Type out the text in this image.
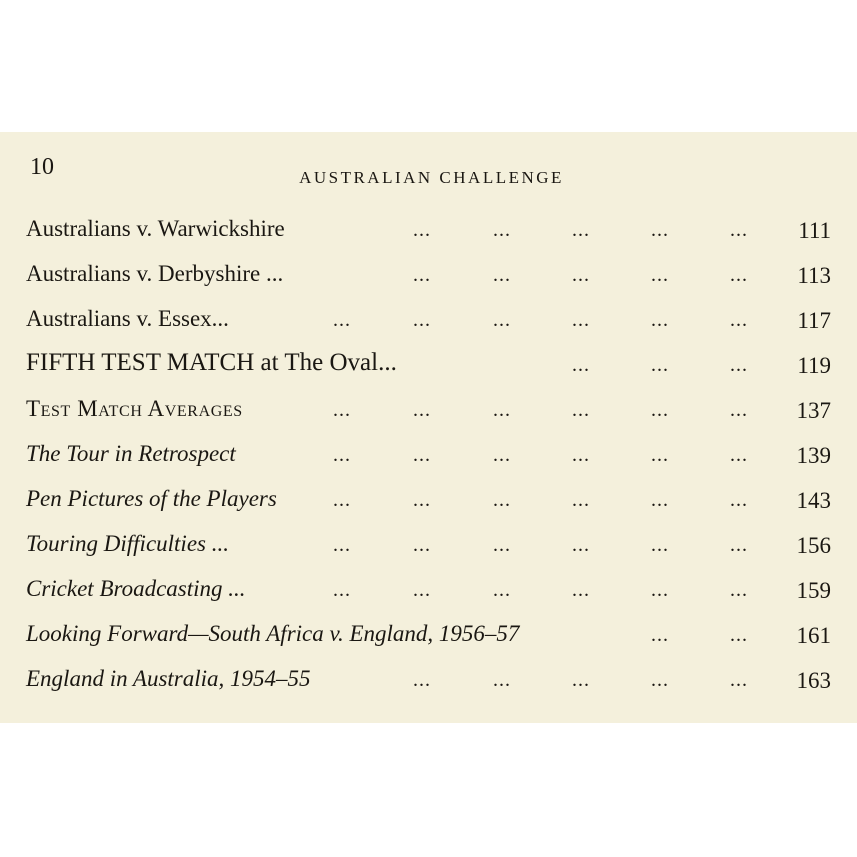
10	AUSTRALIAN CHALLENGE
Australians v. Warwickshire	...	...	...	...	... 111
Australians v. Derbyshire ...	...	...	...	...	... 113
Australians v. Essex...	...	...	...	...	...	... 117
FIFTH TEST MATCH at The Oval...	...	...	... 119
Test Match Averages	...	...	...	...	...	... 137
The Tour in Retrospect	...	...	...	...	...	... 139
Pen Pictures of the Players	...	...	...	...	...	... 143
Touring Difficulties ...	...	...	...	...	...	... 156
Cricket Broadcasting ...	...	...	...	...	...	... 159
Looking Forward—South Africa v. England, 1956–57	...	... 161
England in Australia, 1954–55	...	...	...	...	... 163
